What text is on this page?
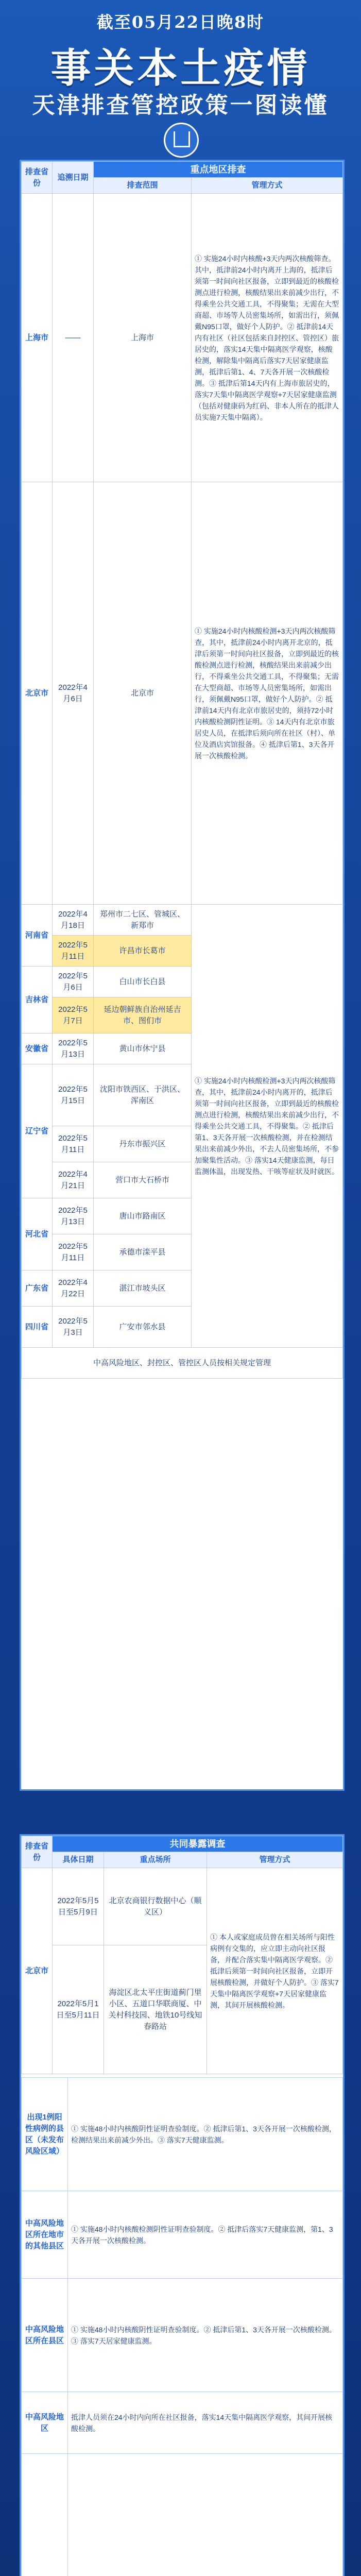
截至05月22日晚8时
事关本土疫情
天津排查管控政策一图读懂
排查省份	追溯日期	重点地区排查	
		排查范围	管理方式
上海市	——	上海市	① 实施24小时内核酸+3天内两次核酸筛查。其中，抵津前24小时内离开上海的，抵津后须第一时间向社区报备，立即到最近的核酸检测点进行检测，核酸结果出来前减少出行，不得乘坐公共交通工具，不得聚集；无需在大型商超、市场等人员密集场所，如需出行，须佩戴N95口罩，做好个人防护。② 抵津前14天内有社区（社区包括来自封控区、管控区）旅居史的，落实14天集中隔离医学观察，核酸检测，解除集中隔离后落实7天居家健康监测，抵津后第1、4、7天各开展一次核酸检测。③ 抵津后第14天内有上海市旅居史的，落实7天集中隔离医学观察+7天居家健康监测（包括对健康码为红码、非本人所在的抵津人员实施7天集中隔离）。
北京市	2022年4月6日	北京市	① 实施24小时内核酸检测+3天内两次核酸筛查，其中，抵津前24小时内离开北京的，抵津后须第一时间向社区报备，立即到最近的核酸检测点进行检测，核酸结果出来前减少出行，不得乘坐公共交通工具，不得聚集；无需在大型商超、市场等人员密集场所，如需出行，须佩戴N95口罩，做好个人防护。② 抵津前14天内有北京市旅居史的，须持72小时内核酸检测阴性证明。③ 14天内有北京市旅居史人员，在抵津后须向所在社区（村）、单位及酒店宾馆报备。④ 抵津后第1、3天各开展一次核酸检测。
河南省	2022年4月18日	郑州市二七区、管城区、新郑市	① 实施24小时内核酸检测+3天内两次核酸筛查，其中，抵津前24小时内离开的，抵津后须第一时间向社区报备，立即到最近的核酸检测点进行检测，核酸结果出来前减少出行，不得乘坐公共交通工具，不得聚集。② 抵津后第1、3天各开展一次核酸检测，并在检测结果出来前减少外出，不去人员密集场所，不参加聚集性活动。③ 落实14天健康监测，每日监测体温，出现发热、干咳等症状及时就医。
	2022年5月11日	许昌市长葛市	
吉林省	2022年5月6日	白山市长白县	
	2022年5月7日	延边朝鲜族自治州延吉市、图们市	
安徽省	2022年5月13日	黄山市休宁县	
辽宁省	2022年5月15日	沈阳市铁西区、于洪区、浑南区	
	2022年5月11日	丹东市振兴区	
	2022年4月21日	营口市大石桥市	
河北省	2022年5月13日	唐山市路南区	
	2022年5月11日	承德市滦平县	
广东省	2022年4月22日	湛江市坡头区	
四川省	2022年5月3日	广安市邻水县	
中高风险地区、封控区、管控区人员按相关规定管理			
排查省份	共同暴露调查		
	具体日期	重点场所	管理方式
北京市	2022年5月5日至5月9日	北京农商银行数据中心（顺义区）	① 本人或家庭成员曾在相关场所与阳性病例有交集的，应立即主动向社区报备，并配合落实集中隔离医学观察。② 抵津后须第一时间向社区报备，立即开展核酸检测，并做好个人防护。③ 落实7天集中隔离医学观察+7天居家健康监测，其间开展核酸检测。
	2022年5月1日至5月11日	海淀区北太平庄街道蓟门里小区、五道口华联商厦、中关村科技园、地铁10号线知春路站	
出现1例阳性病例的县区（未发布风险区域）	① 实施48小时内核酸阴性证明查验制度。② 抵津后第1、3天各开展一次核酸检测，检测结果出来前减少外出。③ 落实7天健康监测。
中高风险地区所在地市的其他县区	① 实施48小时内核酸检测阴性证明查验制度。② 抵津后落实7天健康监测，第1、3天各开展一次核酸检测。
中高风险地区所在县区	① 实施48小时内核酸阴性证明查验制度。② 抵津后第1、3天各开展一次核酸检测。③ 落实7天居家健康监测。
中高风险地区	抵津人员须在24小时内向所在社区报备，落实14天集中隔离医学观察，其间开展核酸检测。
